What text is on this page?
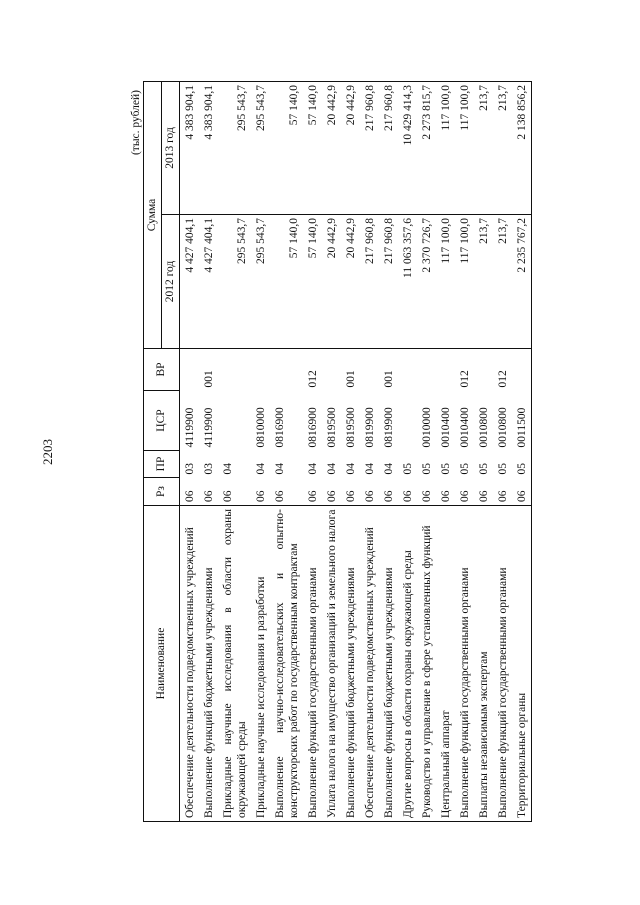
2203
(тыс. рублей)
Наименование	Рз	ПР	ЦСР	ВР	Сумма	
					2012 год	2013 год
Обеспечение деятельности подведомственных учреждений	06	03	4119900		4 427 404,1	4 383 904,1
Выполнение функций бюджетными учреждениями	06	03	4119900	001	4 427 404,1	4 383 904,1
Прикладные научные исследования в области охраны окружающей среды	06	04			295 543,7	295 543,7
Прикладные научные исследования и разработки	06	04	0810000		295 543,7	295 543,7
Выполнение научно-исследовательских и опытно-конструкторских работ по государственным контрактам	06	04	0816900		57 140,0	57 140,0
Выполнение функций государственными органами	06	04	0816900	012	57 140,0	57 140,0
Уплата налога на имущество организаций и земельного налога	06	04	0819500		20 442,9	20 442,9
Выполнение функций бюджетными учреждениями	06	04	0819500	001	20 442,9	20 442,9
Обеспечение деятельности подведомственных учреждений	06	04	0819900		217 960,8	217 960,8
Выполнение функций бюджетными учреждениями	06	04	0819900	001	217 960,8	217 960,8
Другие вопросы в области охраны окружающей среды	06	05			11 063 357,6	10 429 414,3
Руководство и управление в сфере установленных функций	06	05	0010000		2 370 726,7	2 273 815,7
Центральный аппарат	06	05	0010400		117 100,0	117 100,0
Выполнение функций государственными органами	06	05	0010400	012	117 100,0	117 100,0
Выплаты независимым экспертам	06	05	0010800		213,7	213,7
Выполнение функций государственными органами	06	05	0010800	012	213,7	213,7
Территориальные органы	06	05	0011500		2 235 767,2	2 138 856,2
